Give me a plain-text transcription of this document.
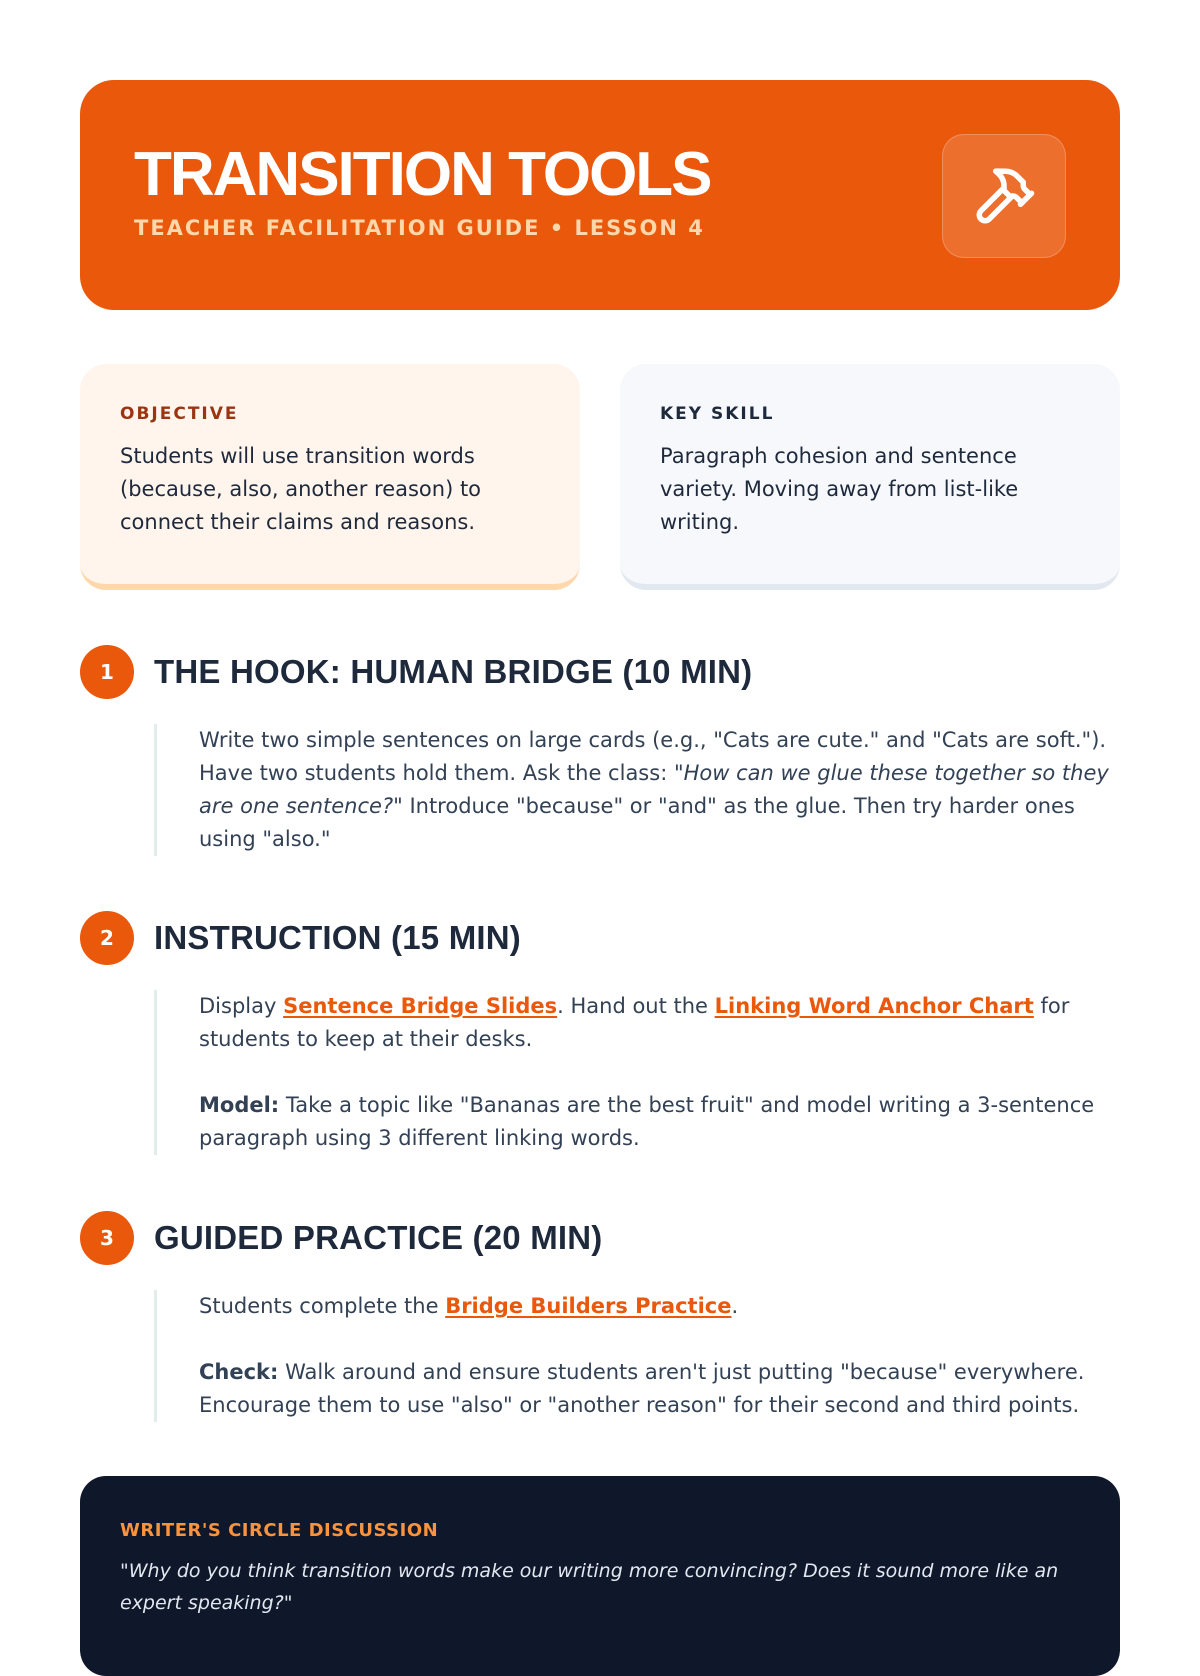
TRANSITION TOOLS
TEACHER FACILITATION GUIDE • LESSON 4
OBJECTIVE
Students will use transition words (because, also, another reason) to connect their claims and reasons.
KEY SKILL
Paragraph cohesion and sentence variety. Moving away from list-like writing.
1	THE HOOK: HUMAN BRIDGE (10 MIN)

Write two simple sentences on large cards (e.g., "Cats are cute." and "Cats are soft."). Have two students hold them. Ask the class: "How can we glue these together so they are one sentence?" Introduce "because" or "and" as the glue. Then try harder ones using "also."

2	INSTRUCTION (15 MIN)

Display Sentence Bridge Slides. Hand out the Linking Word Anchor Chart for students to keep at their desks.

Model: Take a topic like "Bananas are the best fruit" and model writing a 3-sentence paragraph using 3 different linking words.

3	GUIDED PRACTICE (20 MIN)

Students complete the Bridge Builders Practice.

Check: Walk around and ensure students aren't just putting "because" everywhere. Encourage them to use "also" or "another reason" for their second and third points.

WRITER'S CIRCLE DISCUSSION
"Why do you think transition words make our writing more convincing? Does it sound more like an expert speaking?"
